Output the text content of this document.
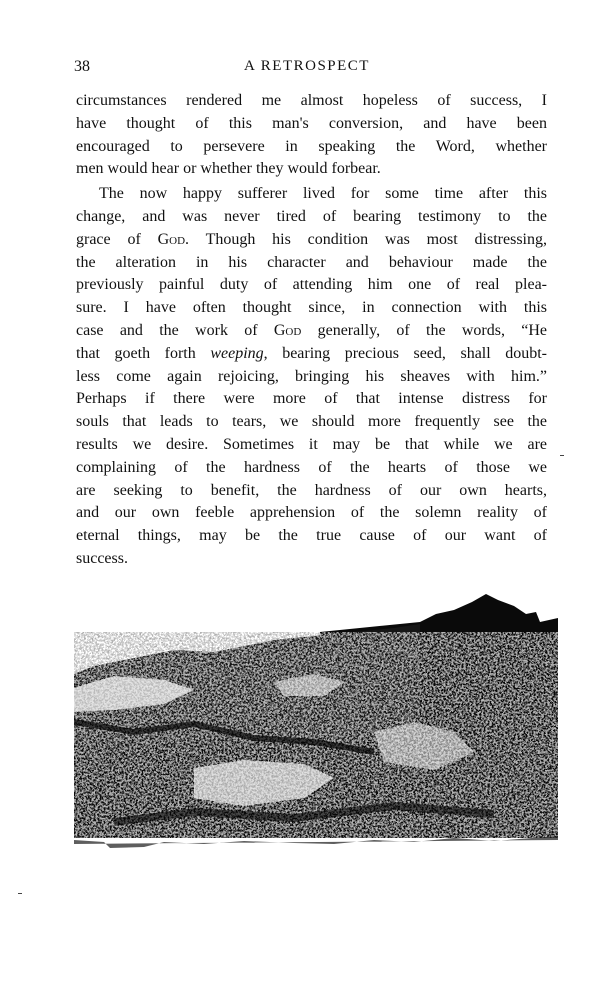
38	A RETROSPECT
circumstances rendered me almost hopeless of success, I
have thought of this man's conversion, and have been
encouraged to persevere in speaking the Word, whether
men would hear or whether they would forbear.
The now happy sufferer lived for some time after this
change, and was never tired of bearing testimony to the
grace of God. Though his condition was most distressing,
the alteration in his character and behaviour made the
previously painful duty of attending him one of real plea-
sure. I have often thought since, in connection with this
case and the work of God generally, of the words, “He
that goeth forth weeping, bearing precious seed, shall doubt-
less come again rejoicing, bringing his sheaves with him.”
Perhaps if there were more of that intense distress for
souls that leads to tears, we should more frequently see the
results we desire. Sometimes it may be that while we are
complaining of the hardness of the hearts of those we
are seeking to benefit, the hardness of our own hearts,
and our own feeble apprehension of the solemn reality of
eternal things, may be the true cause of our want of
success.
